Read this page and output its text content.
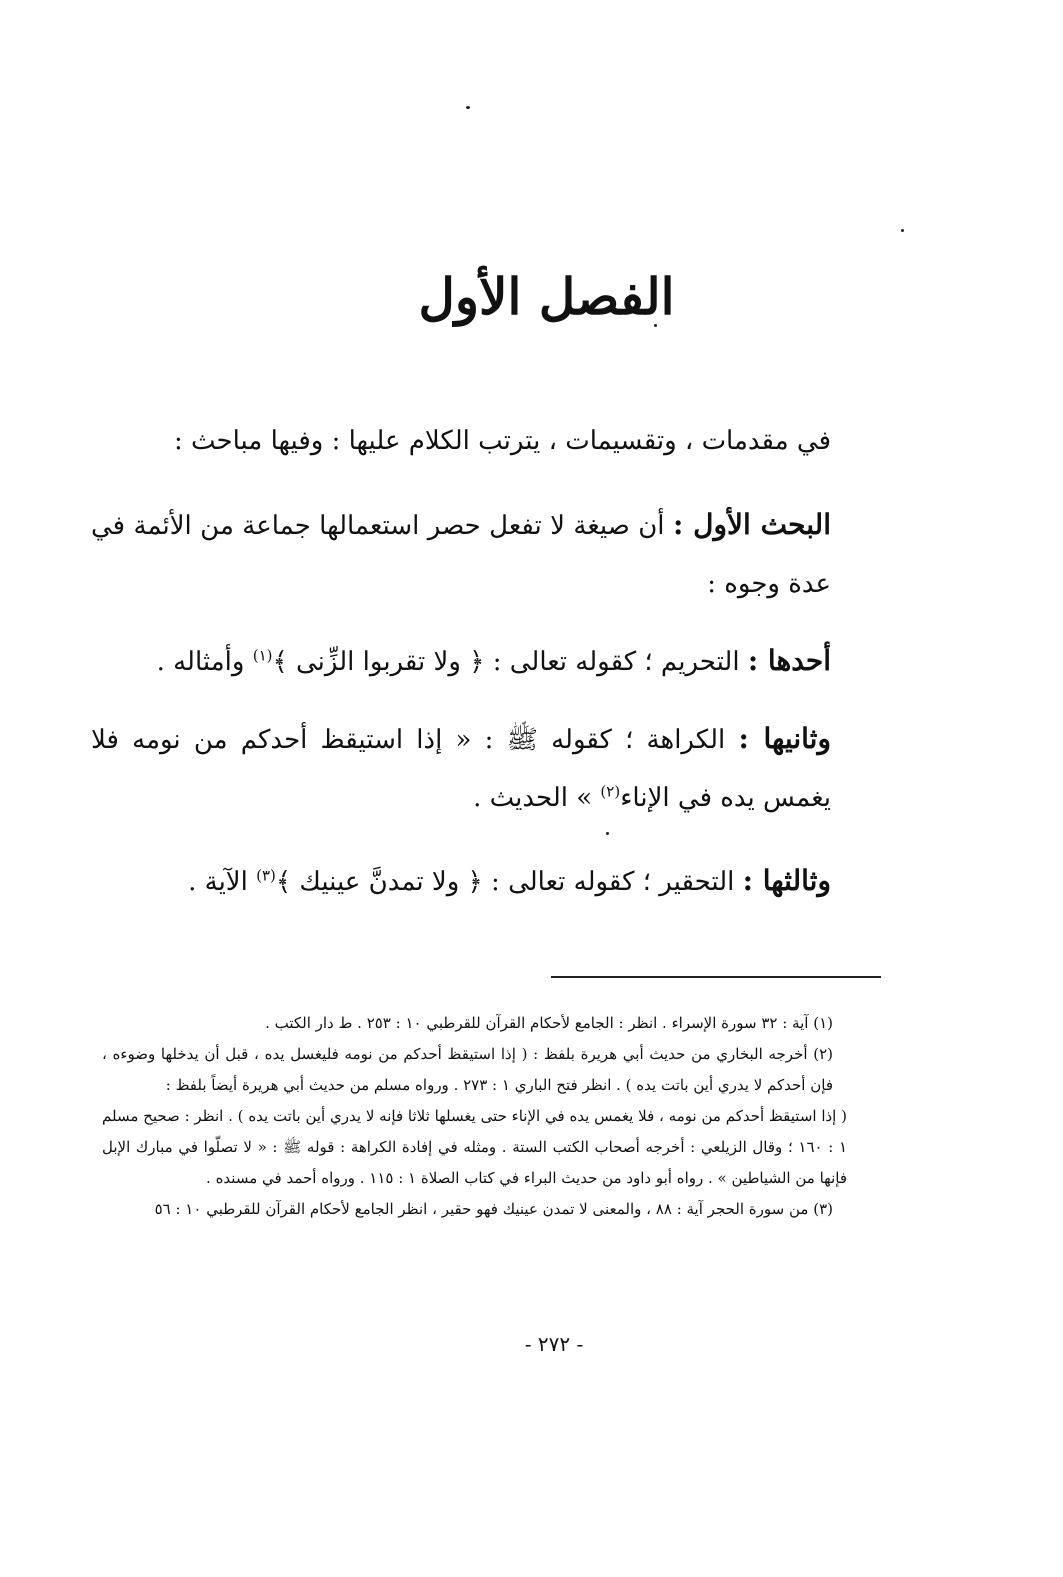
الفصل الأول

في مقدمات ، وتقسيمات ، يترتب الكلام عليها : وفيها مباحث :

البحث الأول : أن صيغة لا تفعل حصر استعمالها جماعة من الأئمة في عدة وجوه :

أحدها : التحريم ؛ كقوله تعالى : ﴿ ولا تقربوا الزِّنى ﴾$^{(١)}$ وأمثاله .

وثانيها : الكراهة ؛ كقوله ﷺ : « إذا استيقظ أحدكم من نومه فلا يغمس يده في الإناء$^{(٢)}$ » الحديث .

وثالثها : التحقير ؛ كقوله تعالى : ﴿ ولا تمدنَّ عينيك ﴾$^{(٣)}$ الآية .

(١) آية : ٣٢ سورة الإسراء . انظر : الجامع لأحكام القرآن للقرطبي ١٠ : ٢٥٣ . ط دار الكتب .

(٢) أخرجه البخاري من حديث أبي هريرة بلفظ : ( إذا استيقظ أحدكم من نومه فليغسل يده ، قبل أن يدخلها وضوءه ، فإن أحدكم لا يدري أين باتت يده ) . انظر فتح الباري ١ : ٢٧٣ . ورواه مسلم من حديث أبي هريرة أيضاً بلفظ :

( إذا استيقظ أحدكم من نومه ، فلا يغمس يده في الإناء حتى يغسلها ثلاثا فإنه لا يدري أين باتت يده ) . انظر : صحيح مسلم ١ : ١٦٠ ؛ وقال الزيلعي : أخرجه أصحاب الكتب الستة . ومثله في إفادة الكراهة : قوله ﷺ : « لا تصلّوا في مبارك الإبل فإنها من الشياطين » . رواه أبو داود من حديث البراء في كتاب الصلاة ١ : ١١٥ . ورواه أحمد في مسنده .

(٣) من سورة الحجر آية : ٨٨ ، والمعنى لا تمدن عينيك فهو حقير ، انظر الجامع لأحكام القرآن للقرطبي ١٠ : ٥٦

- ٢٧٢ -
